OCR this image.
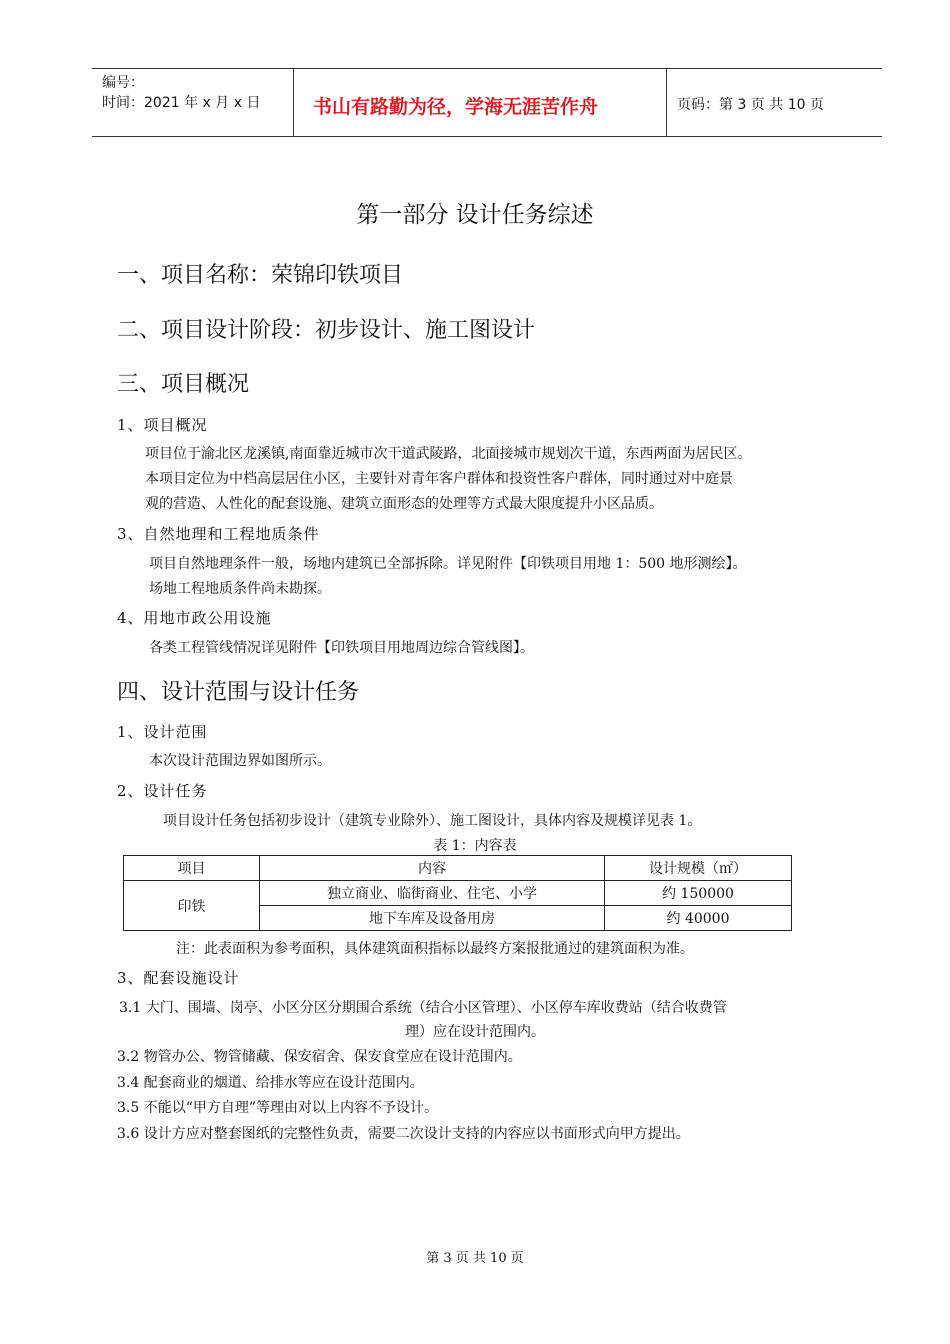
编号：
时间：2021 年 x 月 x 日	书山有路勤为径，学海无涯苦作舟	页码：第 3 页 共 10 页
第一部分 设计任务综述
一、项目名称：荣锦印铁项目
二、项目设计阶段：初步设计、施工图设计
三、项目概况
1、项目概况
项目位于渝北区龙溪镇,南面靠近城市次干道武陵路，北面接城市规划次干道，东西两面为居民区。
本项目定位为中档高层居住小区，主要针对青年客户群体和投资性客户群体，同时通过对中庭景
观的营造、人性化的配套设施、建筑立面形态的处理等方式最大限度提升小区品质。
3、自然地理和工程地质条件
项目自然地理条件一般，场地内建筑已全部拆除。详见附件【印铁项目用地 1：500 地形测绘】。
场地工程地质条件尚未勘探。
4、用地市政公用设施
各类工程管线情况详见附件【印铁项目用地周边综合管线图】。
四、设计范围与设计任务
1、设计范围
本次设计范围边界如图所示。
2、设计任务
项目设计任务包括初步设计（建筑专业除外）、施工图设计，具体内容及规模详见表 1。
表 1：内容表
项目	内容	设计规模（㎡）
印铁	独立商业、临街商业、住宅、小学	约 150000
	地下车库及设备用房	约 40000
注：此表面积为参考面积，具体建筑面积指标以最终方案报批通过的建筑面积为准。
3、配套设施设计
3.1 大门、围墙、岗亭、小区分区分期围合系统（结合小区管理）、小区停车库收费站（结合收费管
理）应在设计范围内。
3.2 物管办公、物管储藏、保安宿舍、保安食堂应在设计范围内。
3.4 配套商业的烟道、给排水等应在设计范围内。
3.5 不能以“甲方自理”等理由对以上内容不予设计。
3.6 设计方应对整套图纸的完整性负责，需要二次设计支持的内容应以书面形式向甲方提出。
第 3 页 共 10 页
